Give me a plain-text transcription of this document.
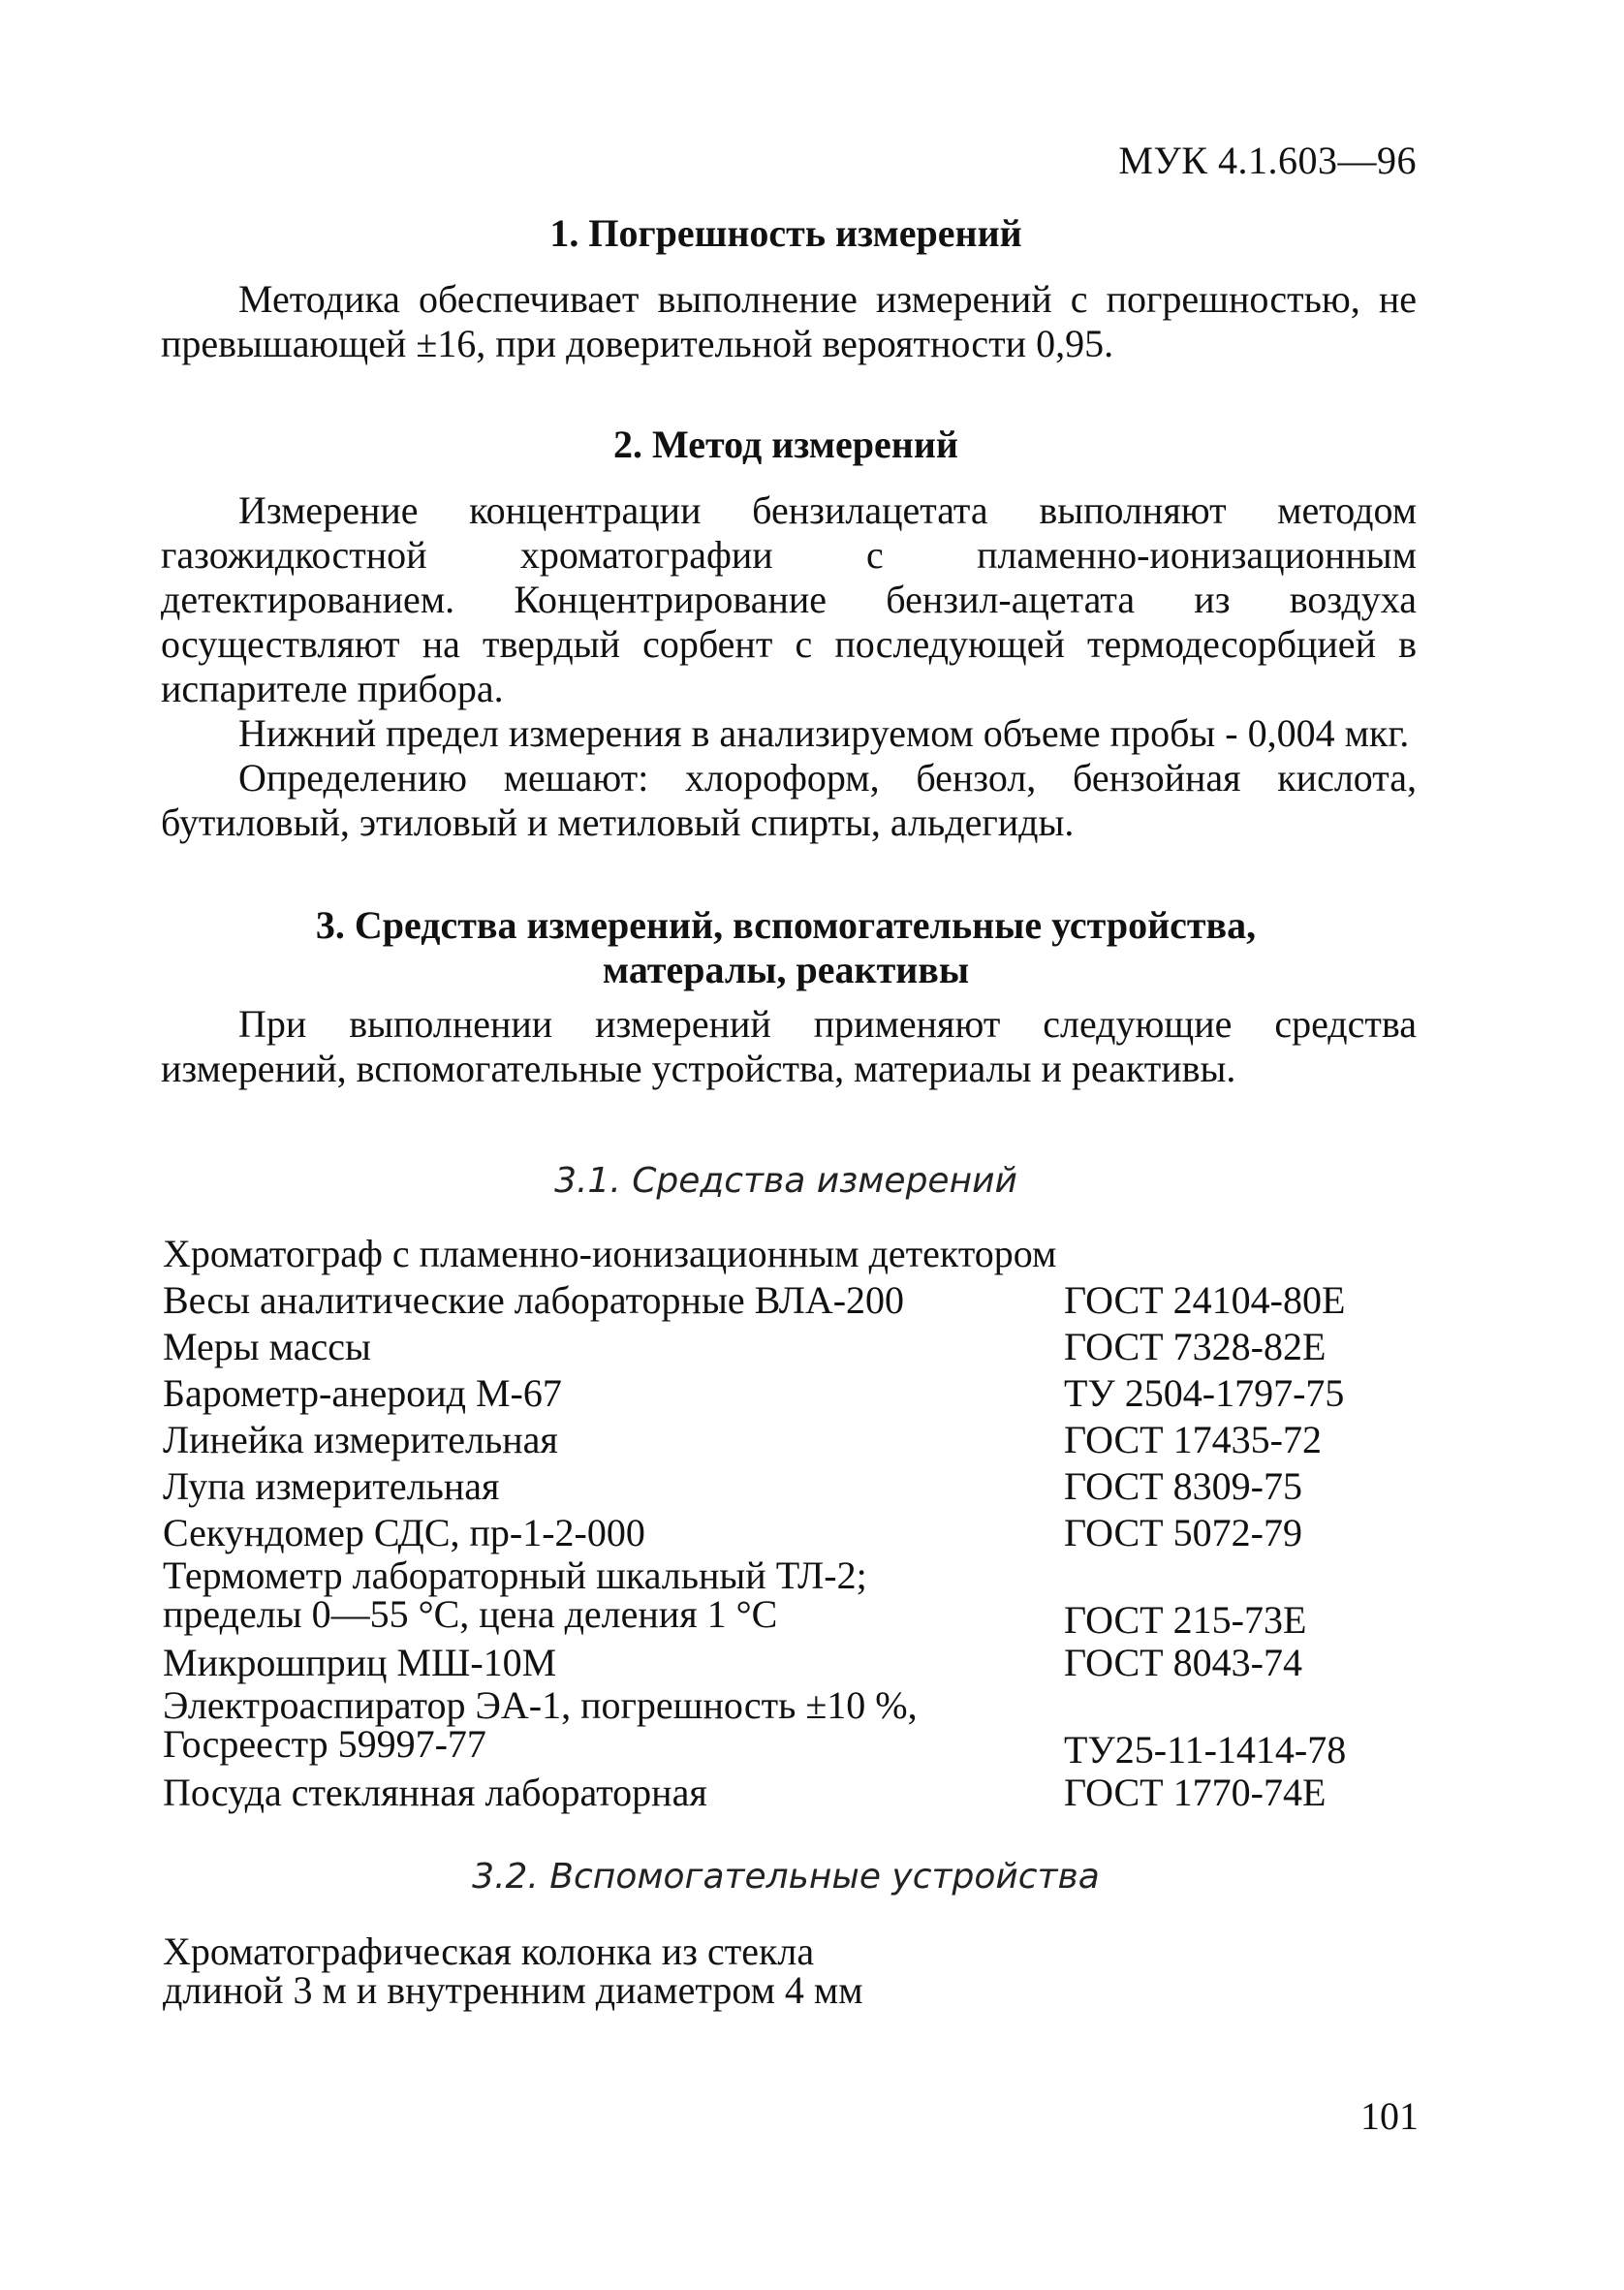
МУК 4.1.603—96
1. Погрешность измерений

Методика обеспечивает выполнение измерений с погрешностью, не превышающей ±16, при доверительной вероятности 0,95.

2. Метод измерений

Измерение концентрации бензилацетата выполняют методом газожидкостной хроматографии с пламенно-ионизационным детектированием. Концентрирование бензил-ацетата из воздуха осуществляют на твердый сорбент с последующей термодесорбцией в испарителе прибора.

Нижний предел измерения в анализируемом объеме пробы - 0,004 мкг.

Определению мешают: хлороформ, бензол, бензойная кислота, бутиловый, этиловый и метиловый спирты, альдегиды.

3. Средства измерений, вспомогательные устройства,
матералы, реактивы

При выполнении измерений применяют следующие средства измерений, вспомогательные устройства, материалы и реактивы.

3.1. Средства измерений
Хроматограф с пламенно-ионизационным детектором
Весы аналитические лабораторные ВЛА-200	ГОСТ 24104-80Е
Меры массы	ГОСТ 7328-82Е
Барометр-анероид М-67	ТУ 2504-1797-75
Линейка измерительная	ГОСТ 17435-72
Лупа измерительная	ГОСТ 8309-75
Секундомер СДС, пр-1-2-000	ГОСТ 5072-79
Термометр лабораторный шкальный ТЛ-2;
пределы 0—55 °С, цена деления 1 °С	ГОСТ 215-73Е
Микрошприц МШ-10М	ГОСТ 8043-74
Электроаспиратор ЭА-1, погрешность ±10 %,
Госреестр 59997-77	ТУ25-11-1414-78
Посуда стеклянная лабораторная	ГОСТ 1770-74Е
3.2. Вспомогательные устройства
Хроматографическая колонка из стекла
длиной 3 м и внутренним диаметром 4 мм
101
